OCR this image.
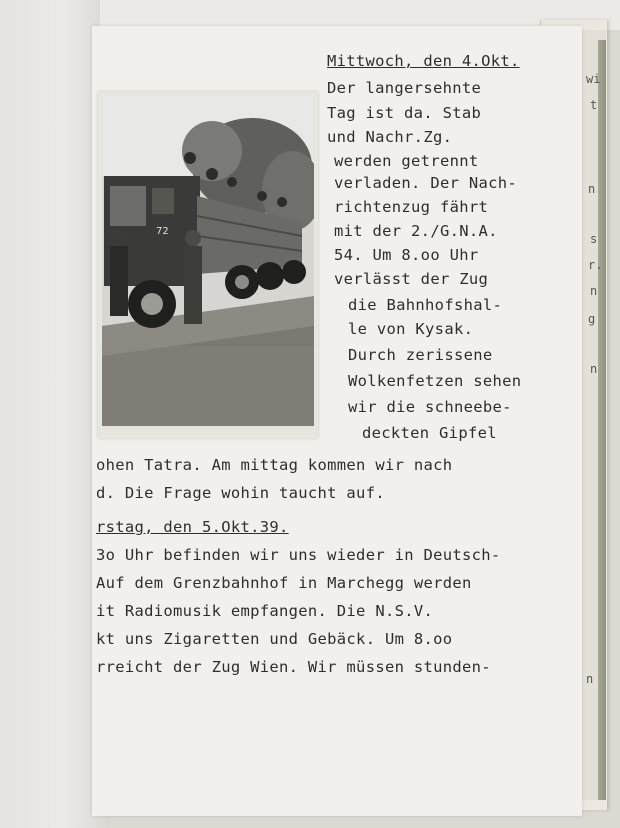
wi
t
n
s
r.
n
g
n
n
72
Mittwoch, den 4.Okt.
Der langersehnte
Tag ist da. Stab
und Nachr.Zg.
werden getrennt
verladen. Der Nach-
richtenzug fährt
mit der 2./G.N.A.
54. Um 8.oo Uhr
verlässt der Zug
die Bahnhofshal-
le von Kysak.
Durch zerissene
Wolkenfetzen sehen
wir die schneebe-
deckten Gipfel
ohen Tatra. Am mittag kommen wir nach
d. Die Frage wohin taucht auf.
rstag, den 5.Okt.39.
3o Uhr befinden wir uns wieder in Deutsch-
Auf dem Grenzbahnhof in Marchegg werden
it Radiomusik empfangen. Die N.S.V.
kt uns Zigaretten und Gebäck. Um 8.oo
rreicht der Zug Wien. Wir müssen stunden-
